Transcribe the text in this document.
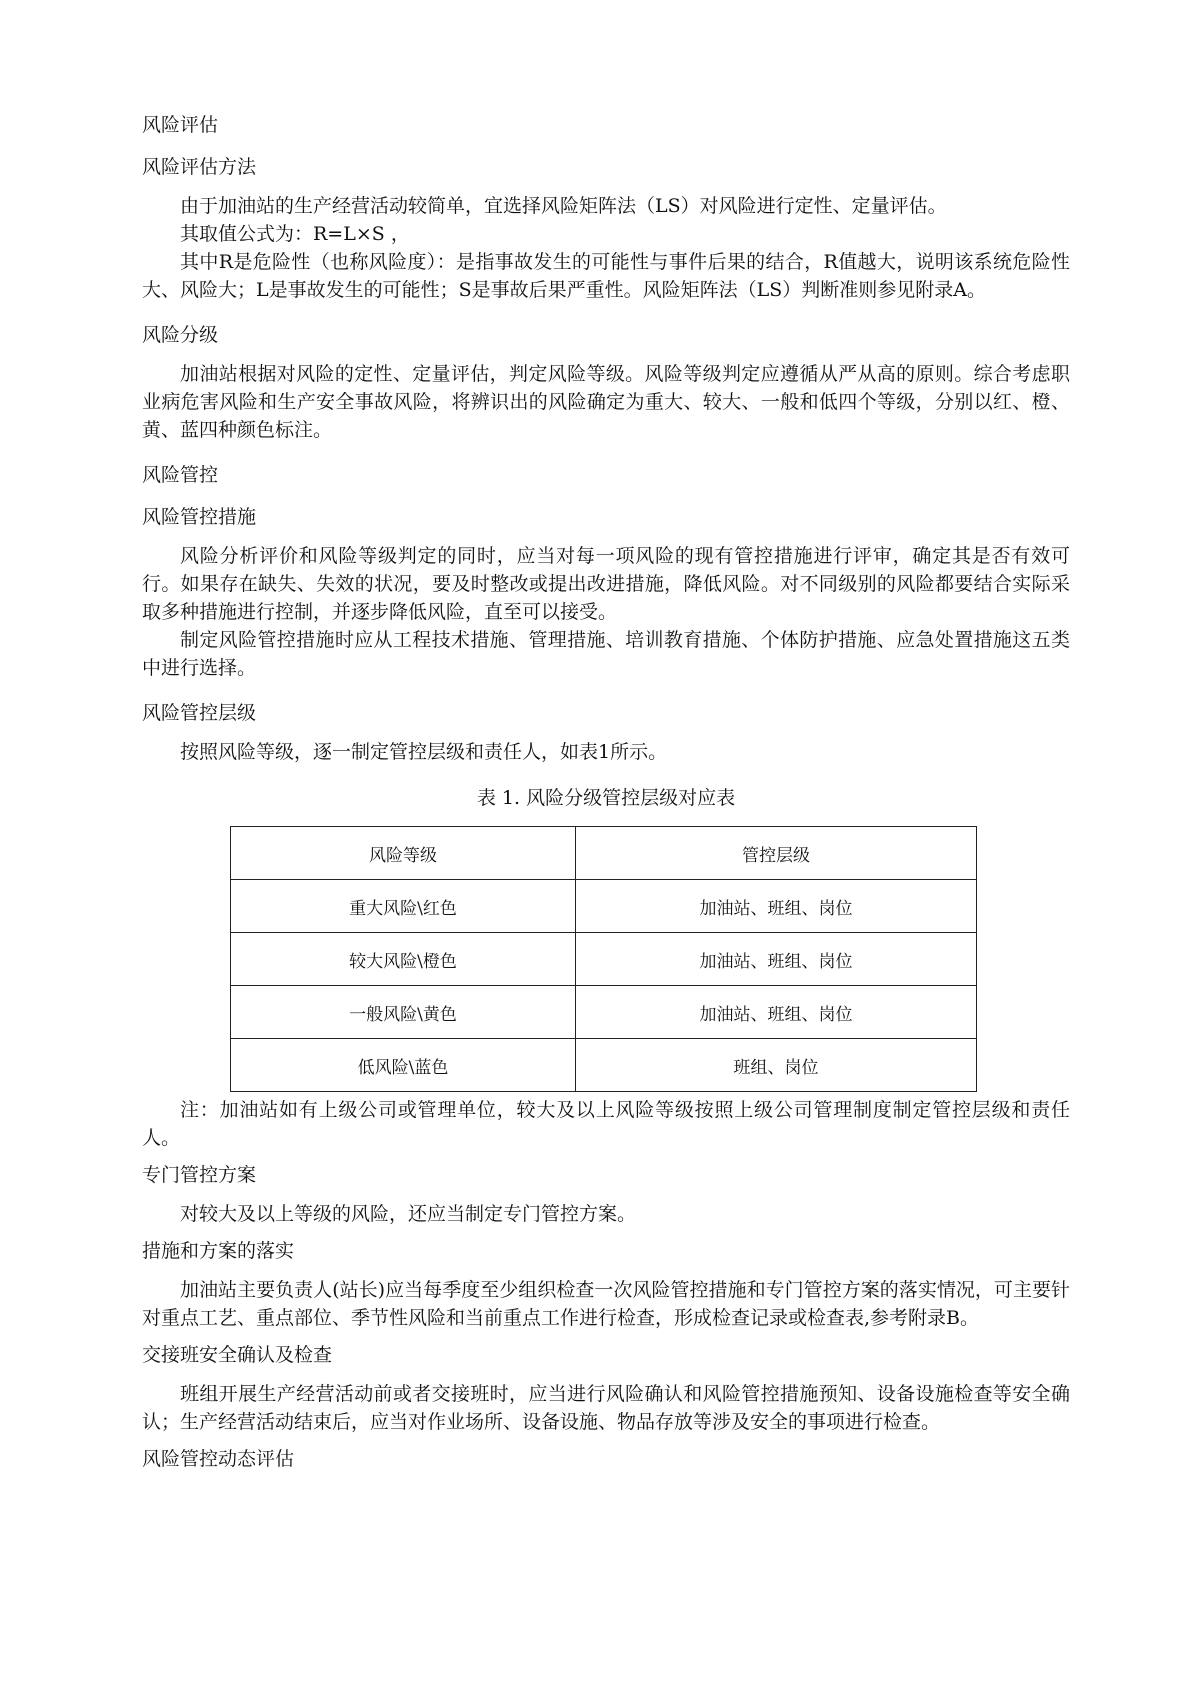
风险评估

风险评估方法

由于加油站的生产经营活动较简单，宜选择风险矩阵法（LS）对风险进行定性、定量评估。

其取值公式为：R=L×S ，

其中R是危险性（也称风险度）：是指事故发生的可能性与事件后果的结合，R值越大，说明该系统危险性大、风险大；L是事故发生的可能性；S是事故后果严重性。风险矩阵法（LS）判断准则参见附录A。

风险分级

加油站根据对风险的定性、定量评估，判定风险等级。风险等级判定应遵循从严从高的原则。综合考虑职业病危害风险和生产安全事故风险，将辨识出的风险确定为重大、较大、一般和低四个等级，分别以红、橙、黄、蓝四种颜色标注。

风险管控

风险管控措施

风险分析评价和风险等级判定的同时，应当对每一项风险的现有管控措施进行评审，确定其是否有效可行。如果存在缺失、失效的状况，要及时整改或提出改进措施，降低风险。对不同级别的风险都要结合实际采取多种措施进行控制，并逐步降低风险，直至可以接受。

制定风险管控措施时应从工程技术措施、管理措施、培训教育措施、个体防护措施、应急处置措施这五类中进行选择。

风险管控层级

按照风险等级，逐一制定管控层级和责任人，如表1所示。

表 1. 风险分级管控层级对应表

风险等级	管控层级
重大风险\红色	加油站、班组、岗位
较大风险\橙色	加油站、班组、岗位
一般风险\黄色	加油站、班组、岗位
低风险\蓝色	班组、岗位

注：加油站如有上级公司或管理单位，较大及以上风险等级按照上级公司管理制度制定管控层级和责任人。

专门管控方案

对较大及以上等级的风险，还应当制定专门管控方案。

措施和方案的落实

加油站主要负责人(站长)应当每季度至少组织检查一次风险管控措施和专门管控方案的落实情况，可主要针对重点工艺、重点部位、季节性风险和当前重点工作进行检查，形成检查记录或检查表,参考附录B。

交接班安全确认及检查

班组开展生产经营活动前或者交接班时，应当进行风险确认和风险管控措施预知、设备设施检查等安全确认；生产经营活动结束后，应当对作业场所、设备设施、物品存放等涉及安全的事项进行检查。

风险管控动态评估
